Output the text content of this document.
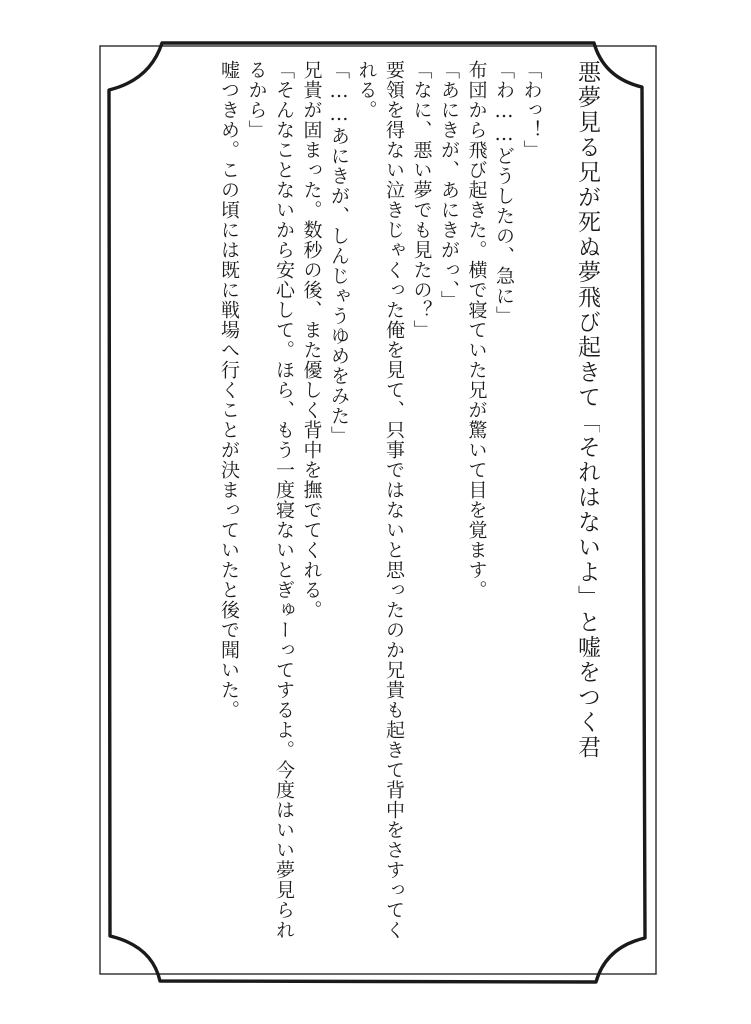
悪夢見る兄が死ぬ夢飛び起きて「それはないよ」と嘘をつく君

「わっ！」

「わ……どうしたの、急に」

布団から飛び起きた。横で寝ていた兄が驚いて目を覚ます。

「あにきが、あにきがっ、」

「なに、悪い夢でも見たの？」

要領を得ない泣きじゃくった俺を見て、只事ではないと思ったのか兄貴も起きて背中をさすってくれる。

「……あにきが、しんじゃうゆめをみた」

兄貴が固まった。数秒の後、また優しく背中を撫でてくれる。

「そんなことないから安心して。ほら、もう一度寝ないとぎゅーってするよ。今度はいい夢見られるから」

嘘つきめ。この頃には既に戦場へ行くことが決まっていたと後で聞いた。
